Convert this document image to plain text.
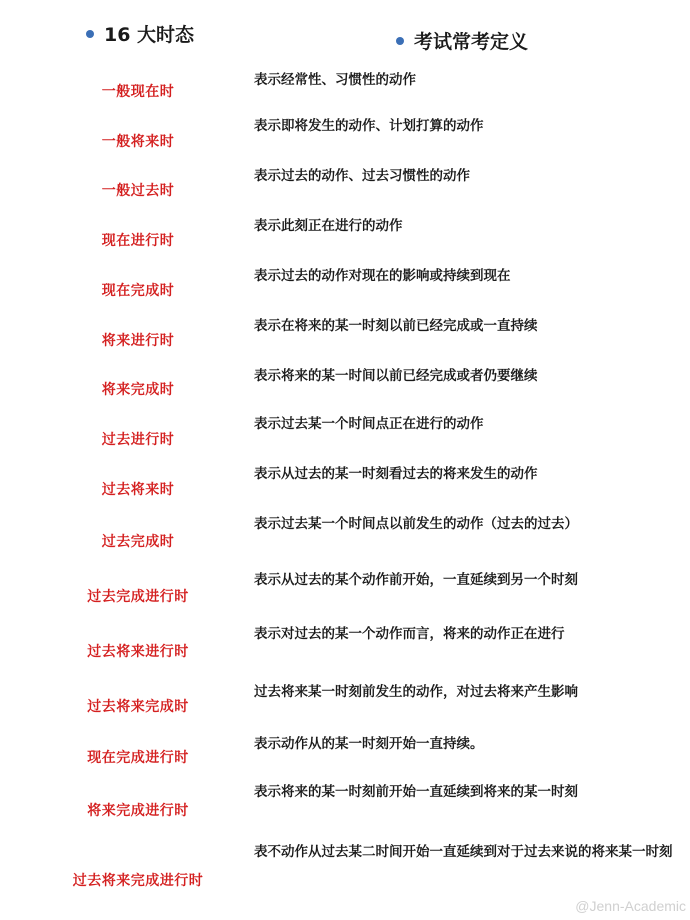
16 大时态	考试常考定义
一般现在时
表示经常性、习惯性的动作
一般将来时
表示即将发生的动作、计划打算的动作
一般过去时
表示过去的动作、过去习惯性的动作
现在进行时
表示此刻正在进行的动作
现在完成时
表示过去的动作对现在的影响或持续到现在
将来进行时
表示在将来的某一时刻以前已经完成或一直持续
将来完成时
表示将来的某一时间以前已经完成或者仍要继续
过去进行时
表示过去某一个时间点正在进行的动作
过去将来时
表示从过去的某一时刻看过去的将来发生的动作
过去完成时
表示过去某一个时间点以前发生的动作（过去的过去）
过去完成进行时
表示从过去的某个动作前开始，一直延续到另一个时刻
过去将来进行时
表示对过去的某一个动作而言，将来的动作正在进行
过去将来完成时
过去将来某一时刻前发生的动作，对过去将来产生影响
现在完成进行时
表示动作从的某一时刻开始一直持续。
将来完成进行时
表示将来的某一时刻前开始一直延续到将来的某一时刻
过去将来完成进行时
表不动作从过去某二时间开始一直延续到对于过去来说的将来某一时刻
@Jenn-Academic
